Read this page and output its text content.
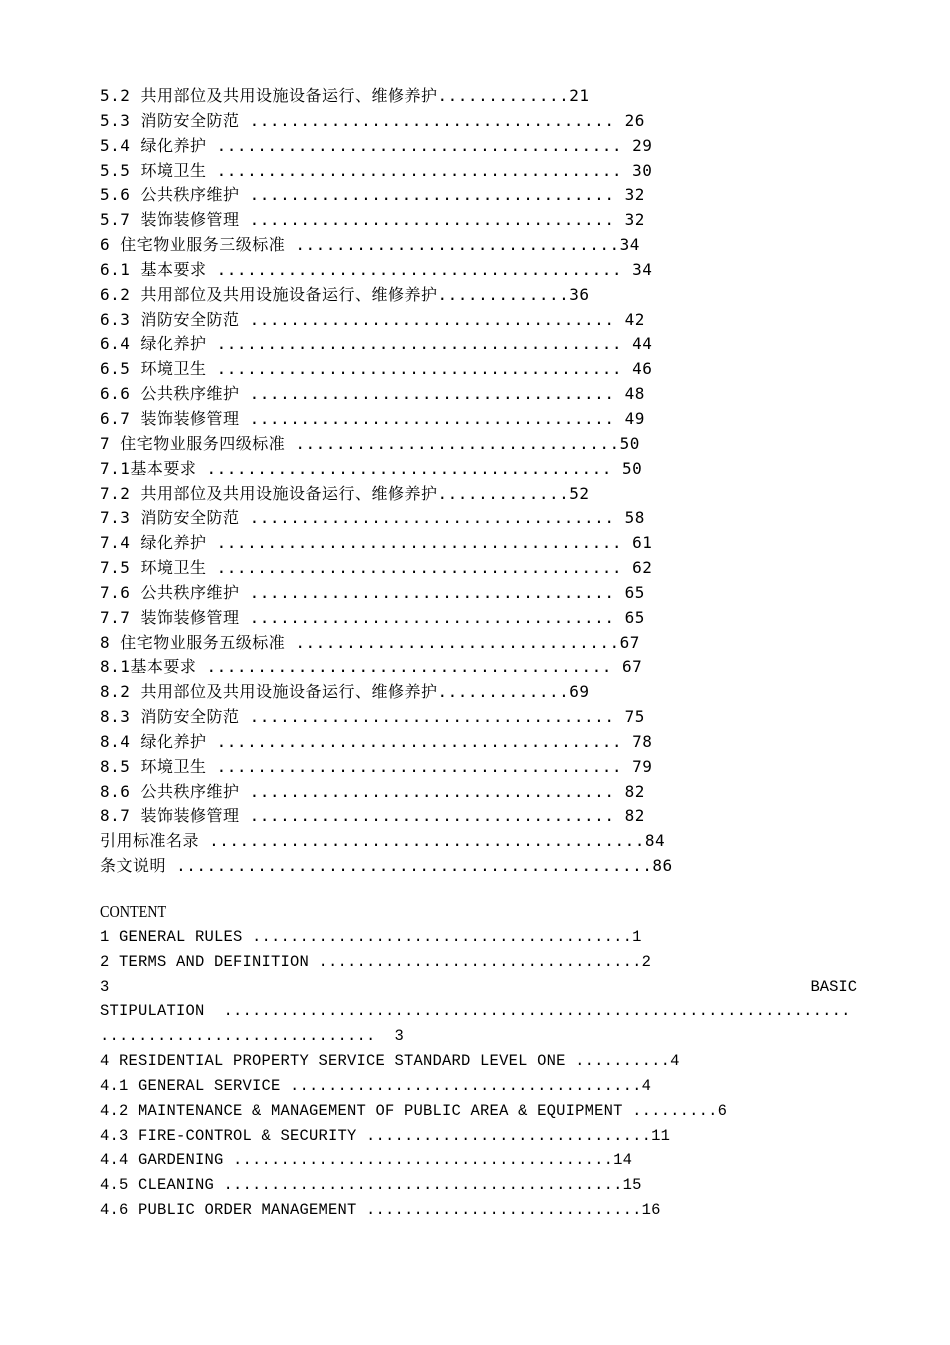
5.2 共用部位及共用设施设备运行、维修养护.............21
5.3 消防安全防范 .................................... 26
5.4 绿化养护 ........................................ 29
5.5 环境卫生 ........................................ 30
5.6 公共秩序维护 .................................... 32
5.7 装饰装修管理 .................................... 32
6 住宅物业服务三级标准 ................................34
6.1 基本要求 ........................................ 34
6.2 共用部位及共用设施设备运行、维修养护.............36
6.3 消防安全防范 .................................... 42
6.4 绿化养护 ........................................ 44
6.5 环境卫生 ........................................ 46
6.6 公共秩序维护 .................................... 48
6.7 装饰装修管理 .................................... 49
7 住宅物业服务四级标准 ................................50
7.1基本要求 ........................................ 50
7.2 共用部位及共用设施设备运行、维修养护.............52
7.3 消防安全防范 .................................... 58
7.4 绿化养护 ........................................ 61
7.5 环境卫生 ........................................ 62
7.6 公共秩序维护 .................................... 65
7.7 装饰装修管理 .................................... 65
8 住宅物业服务五级标准 ................................67
8.1基本要求 ........................................ 67
8.2 共用部位及共用设施设备运行、维修养护.............69
8.3 消防安全防范 .................................... 75
8.4 绿化养护 ........................................ 78
8.5 环境卫生 ........................................ 79
8.6 公共秩序维护 .................................... 82
8.7 装饰装修管理 .................................... 82
引用标准名录 ...........................................84
条文说明 ...............................................86
CONTENT
1 GENERAL RULES ........................................1
2 TERMS AND DEFINITION ..................................2
3	BASIC
STIPULATION  ..................................................................
.............................  3
4 RESIDENTIAL PROPERTY SERVICE STANDARD LEVEL ONE ..........4
4.1 GENERAL SERVICE .....................................4
4.2 MAINTENANCE & MANAGEMENT OF PUBLIC AREA & EQUIPMENT .........6
4.3 FIRE-CONTROL & SECURITY ..............................11
4.4 GARDENING ........................................14
4.5 CLEANING ..........................................15
4.6 PUBLIC ORDER MANAGEMENT .............................16
